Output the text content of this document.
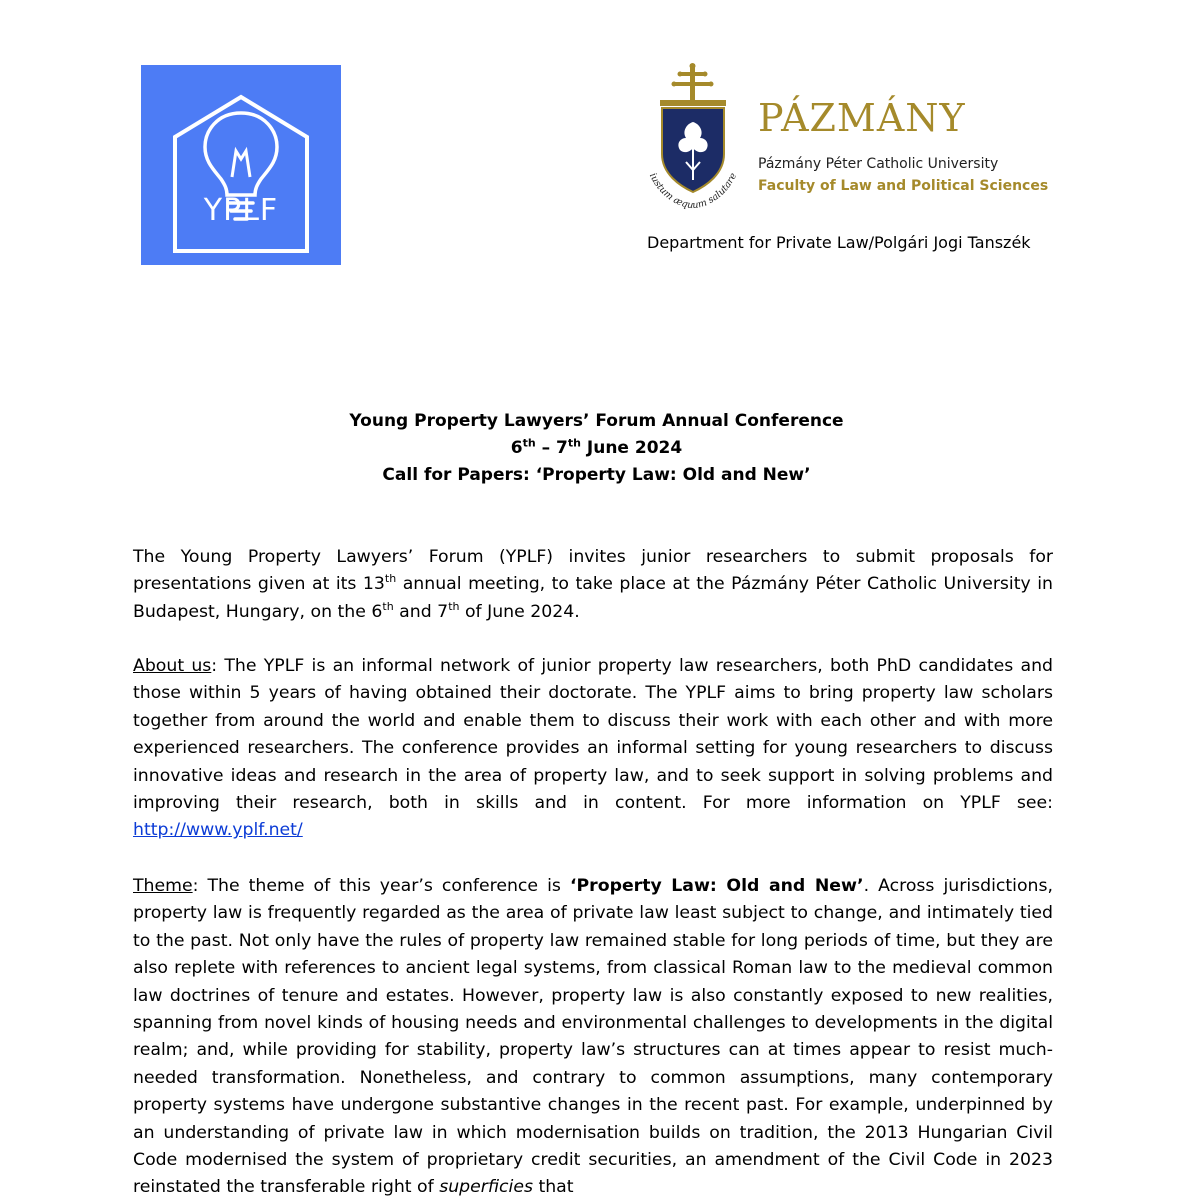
YPLF
iustum æquum salutare
PÁZMÁNY
Pázmány Péter Catholic University
Faculty of Law and Political Sciences
Department for Private Law/Polgári Jogi Tanszék
Young Property Lawyers’ Forum Annual Conference
6th – 7th June 2024
Call for Papers: ‘Property Law: Old and New’
The Young Property Lawyers’ Forum (YPLF) invites junior researchers to submit proposals for presentations given at its 13th annual meeting, to take place at the Pázmány Péter Catholic University in Budapest, Hungary, on the 6th and 7th of June 2024.
About us: The YPLF is an informal network of junior property law researchers, both PhD candidates and those within 5 years of having obtained their doctorate. The YPLF aims to bring property law scholars together from around the world and enable them to discuss their work with each other and with more experienced researchers. The conference provides an informal setting for young researchers to discuss innovative ideas and research in the area of property law, and to seek support in solving problems and improving their research, both in skills and in content. For more information on YPLF see: http://www.yplf.net/
Theme: The theme of this year’s conference is ‘Property Law: Old and New’. Across jurisdictions, property law is frequently regarded as the area of private law least subject to change, and intimately tied to the past. Not only have the rules of property law remained stable for long periods of time, but they are also replete with references to ancient legal systems, from classical Roman law to the medieval common law doctrines of tenure and estates. However, property law is also constantly exposed to new realities, spanning from novel kinds of housing needs and environmental challenges to developments in the digital realm; and, while providing for stability, property law’s structures can at times appear to resist much-needed transformation. Nonetheless, and contrary to common assumptions, many contemporary property systems have undergone substantive changes in the recent past. For example, underpinned by an understanding of private law in which modernisation builds on tradition, the 2013 Hungarian Civil Code modernised the system of proprietary credit securities, an amendment of the Civil Code in 2023 reinstated the transferable right of superficies that
